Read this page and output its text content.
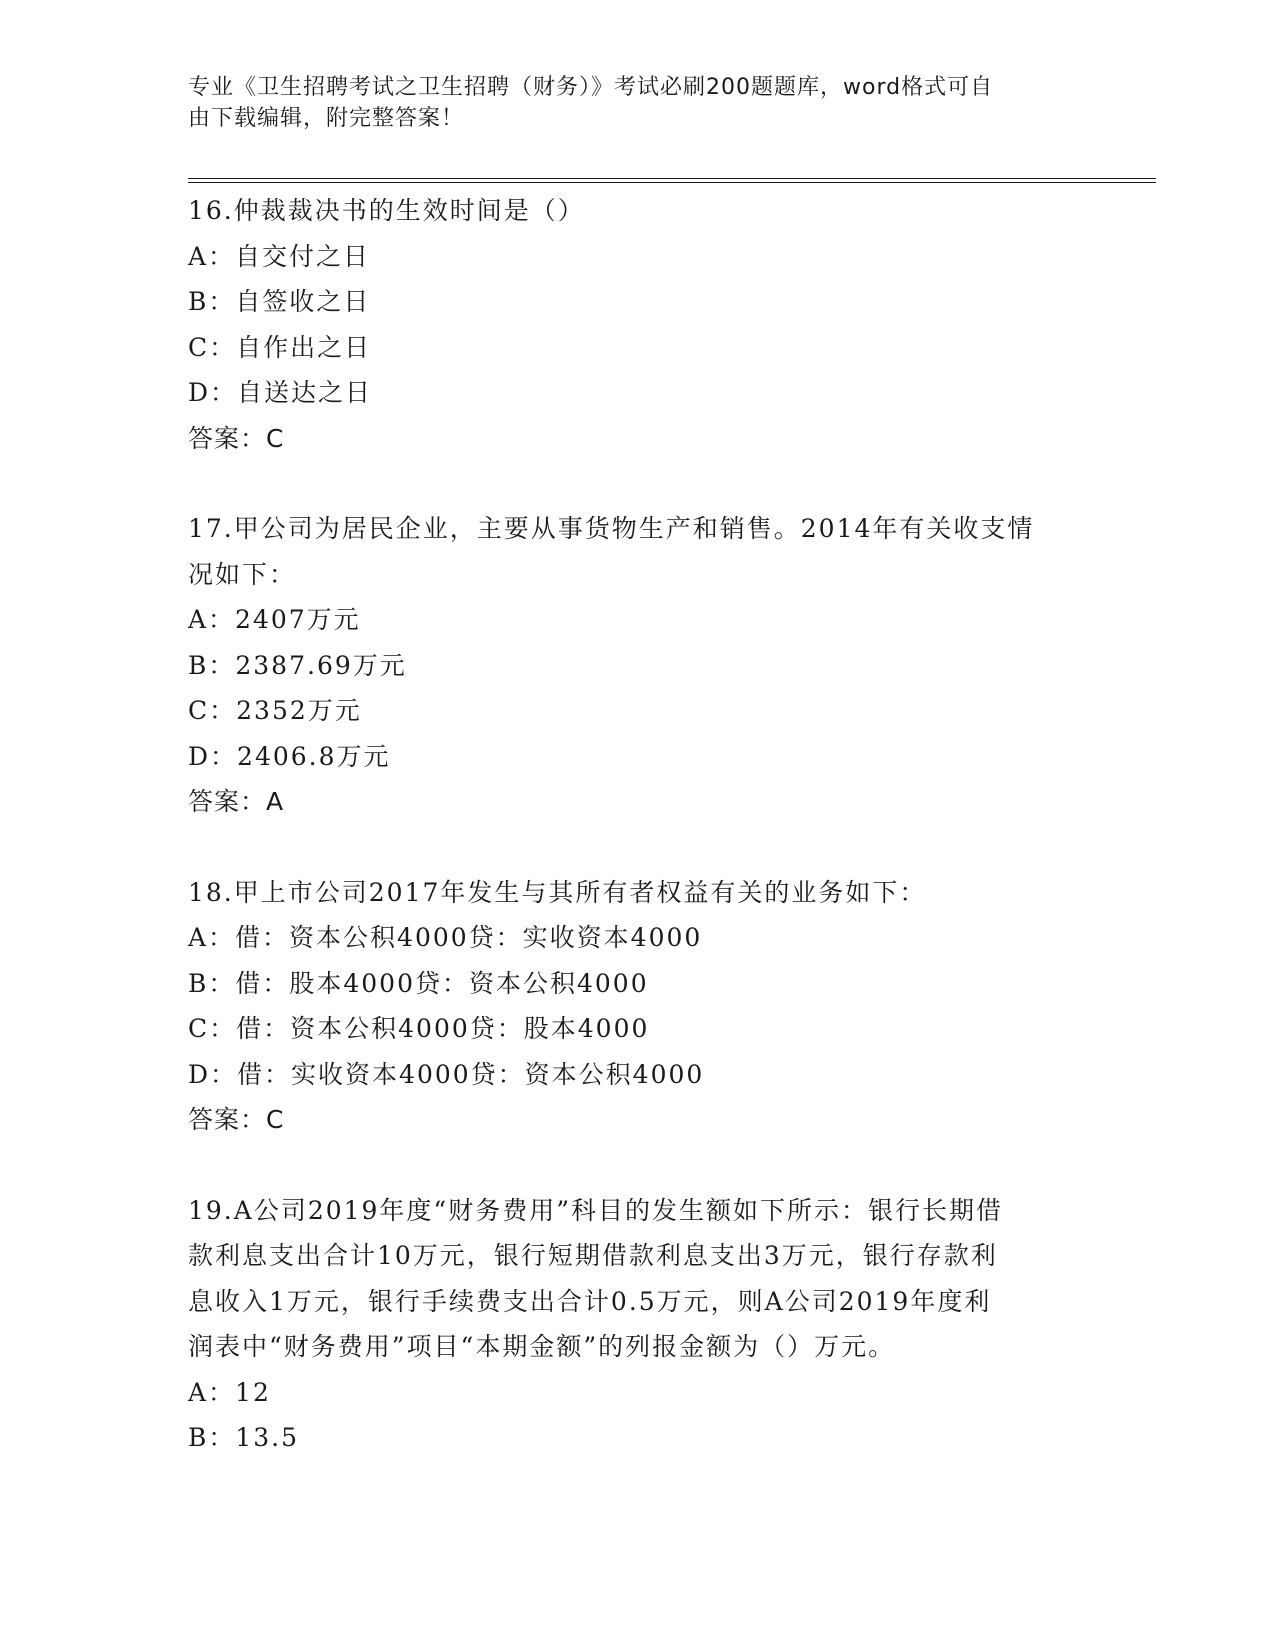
专业《卫生招聘考试之卫生招聘（财务）》考试必刷200题题库，word格式可自
由下载编辑，附完整答案！
16.仲裁裁决书的生效时间是（）
A：自交付之日
B：自签收之日
C：自作出之日
D：自送达之日
答案：C
17.甲公司为居民企业，主要从事货物生产和销售。2014年有关收支情
况如下：
A：2407万元
B：2387.69万元
C：2352万元
D：2406.8万元
答案：A
18.甲上市公司2017年发生与其所有者权益有关的业务如下：
A：借：资本公积4000贷：实收资本4000
B：借：股本4000贷：资本公积4000
C：借：资本公积4000贷：股本4000
D：借：实收资本4000贷：资本公积4000
答案：C
19.A公司2019年度“财务费用”科目的发生额如下所示：银行长期借
款利息支出合计10万元，银行短期借款利息支出3万元，银行存款利
息收入1万元，银行手续费支出合计0.5万元，则A公司2019年度利
润表中“财务费用”项目“本期金额”的列报金额为（）万元。
A：12
B：13.5
